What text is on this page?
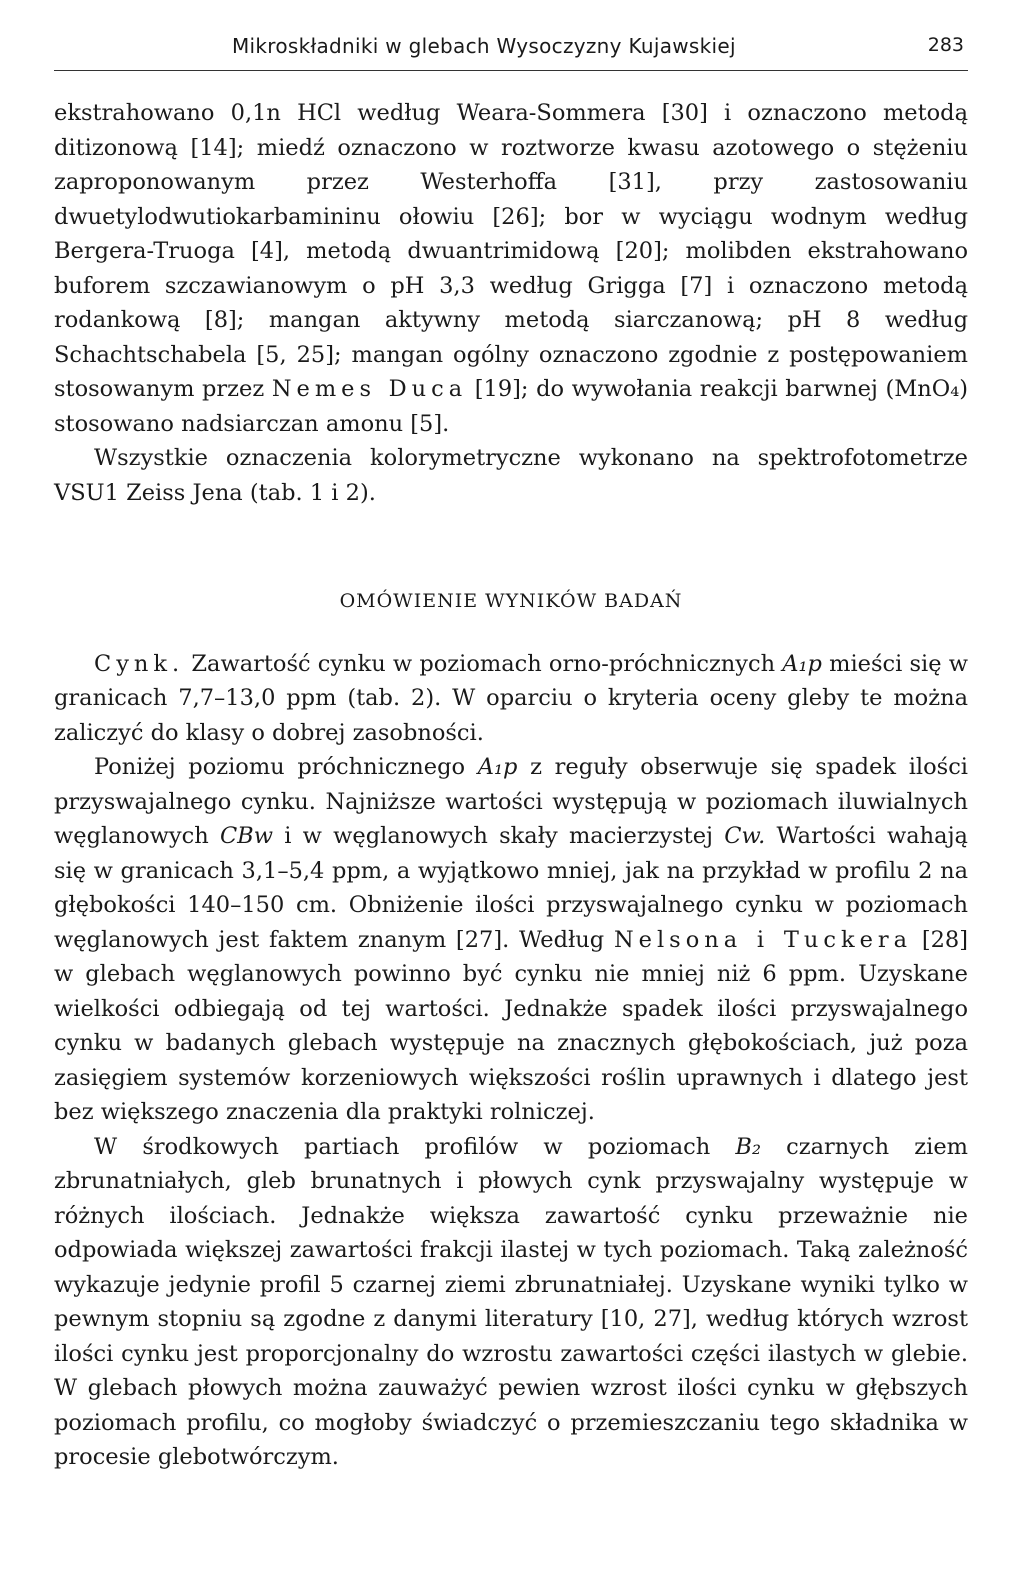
Mikroskładniki w glebach Wysoczyzny Kujawskiej	283

ekstrahowano 0,1n HCl według Weara-Sommera [30] i oznaczono metodą ditizonową [14]; miedź oznaczono w roztworze kwasu azotowego o stężeniu zaproponowanym przez Westerhoffa [31], przy zastosowaniu dwuetylodwutiokarbamininu ołowiu [26]; bor w wyciągu wodnym według Bergera-Truoga [4], metodą dwuantrimidową [20]; molibden ekstrahowano buforem szczawianowym o pH 3,3 według Grigga [7] i oznaczono metodą rodankową [8]; mangan aktywny metodą siarczanową; pH 8 według Schachtschabela [5, 25]; mangan ogólny oznaczono zgodnie z postępowaniem stosowanym przez Nemes Duca [19]; do wywołania reakcji barwnej (MnO₄) stosowano nadsiarczan amonu [5].

Wszystkie oznaczenia kolorymetryczne wykonano na spektrofotometrze VSU1 Zeiss Jena (tab. 1 i 2).

OMÓWIENIE WYNIKÓW BADAŃ

Cynk. Zawartość cynku w poziomach orno-próchnicznych A₁p mieści się w granicach 7,7–13,0 ppm (tab. 2). W oparciu o kryteria oceny gleby te można zaliczyć do klasy o dobrej zasobności.

Poniżej poziomu próchnicznego A₁p z reguły obserwuje się spadek ilości przyswajalnego cynku. Najniższe wartości występują w poziomach iluwialnych węglanowych CBw i w węglanowych skały macierzystej Cw. Wartości wahają się w granicach 3,1–5,4 ppm, a wyjątkowo mniej, jak na przykład w profilu 2 na głębokości 140–150 cm. Obniżenie ilości przyswajalnego cynku w poziomach węglanowych jest faktem znanym [27]. Według Nelsona i Tuckera [28] w glebach węglanowych powinno być cynku nie mniej niż 6 ppm. Uzyskane wielkości odbiegają od tej wartości. Jednakże spadek ilości przyswajalnego cynku w badanych glebach występuje na znacznych głębokościach, już poza zasięgiem systemów korzeniowych większości roślin uprawnych i dlatego jest bez większego znaczenia dla praktyki rolniczej.

W środkowych partiach profilów w poziomach B₂ czarnych ziem zbrunatniałych, gleb brunatnych i płowych cynk przyswajalny występuje w różnych ilościach. Jednakże większa zawartość cynku przeważnie nie odpowiada większej zawartości frakcji ilastej w tych poziomach. Taką zależność wykazuje jedynie profil 5 czarnej ziemi zbrunatniałej. Uzyskane wyniki tylko w pewnym stopniu są zgodne z danymi literatury [10, 27], według których wzrost ilości cynku jest proporcjonalny do wzrostu zawartości części ilastych w glebie. W glebach płowych można zauważyć pewien wzrost ilości cynku w głębszych poziomach profilu, co mogłoby świadczyć o przemieszczaniu tego składnika w procesie glebotwórczym.
